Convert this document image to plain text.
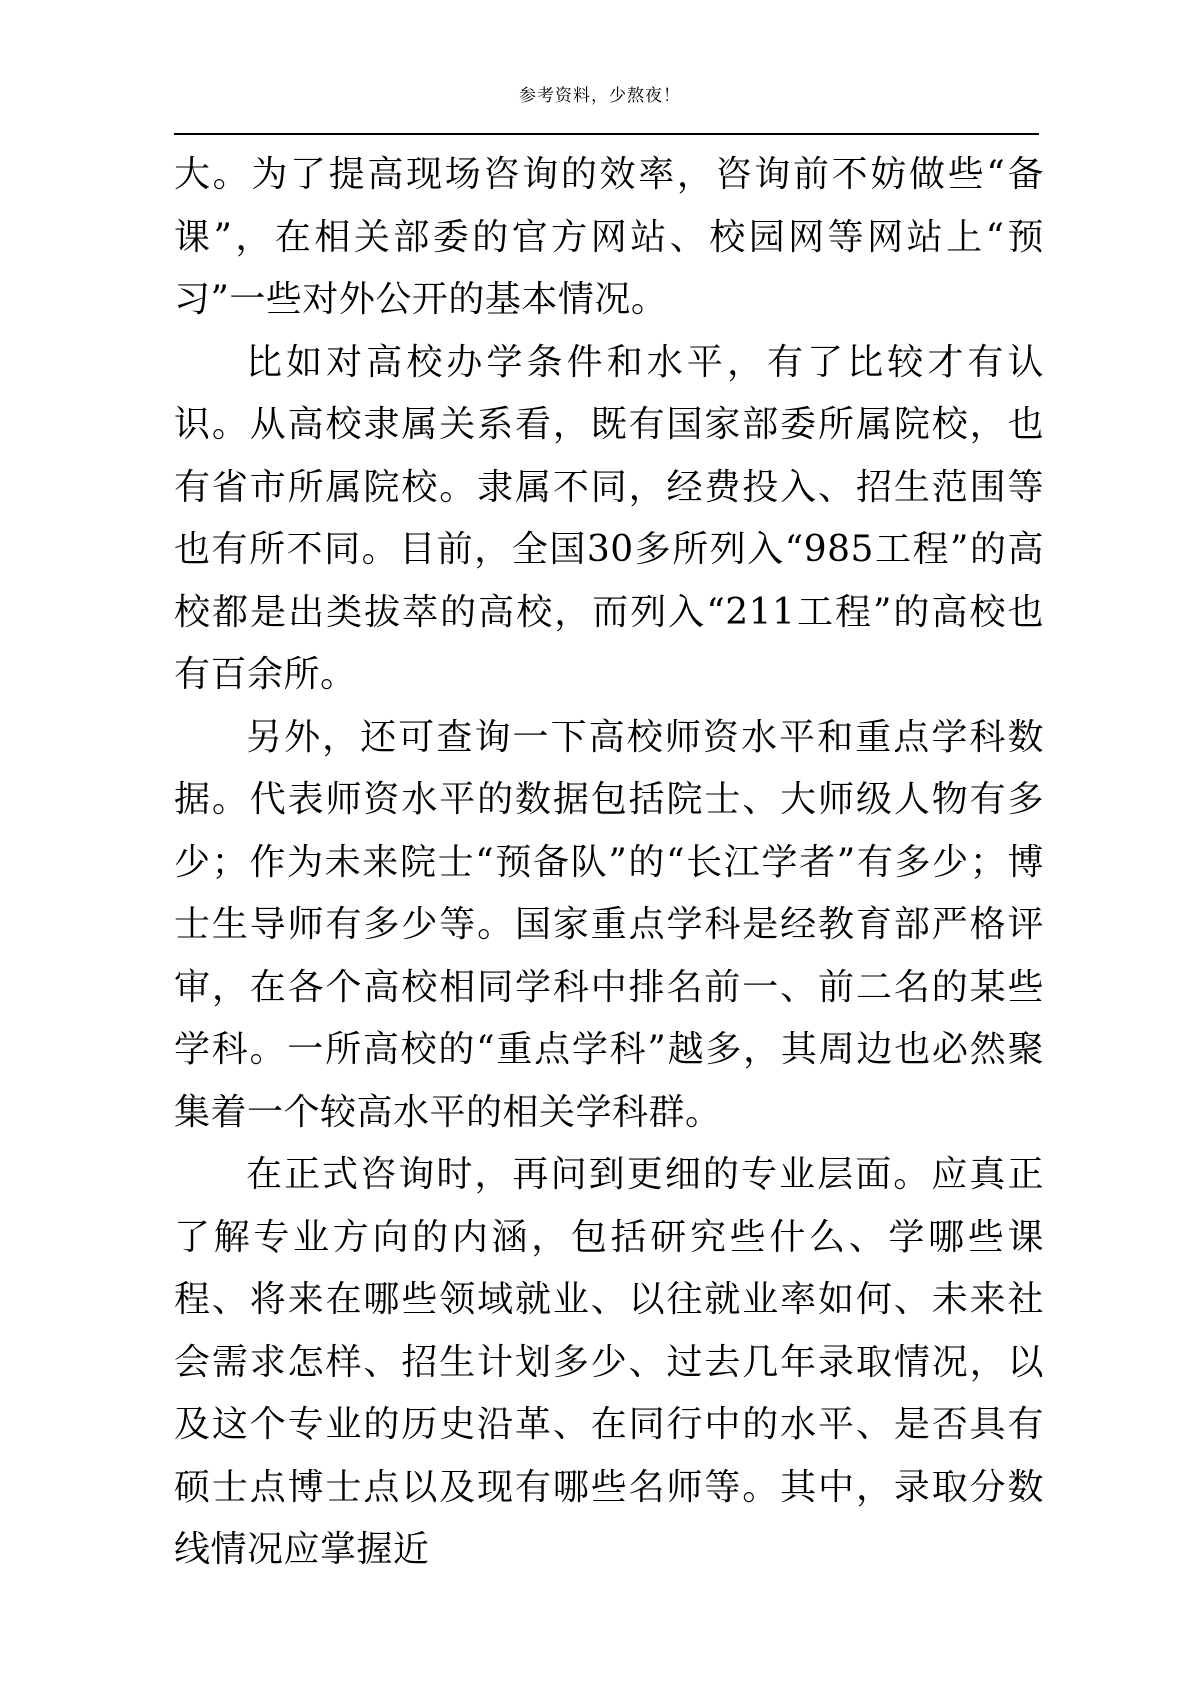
参考资料，少熬夜！

大。为了提高现场咨询的效率，咨询前不妨做些“备课”，在相关部委的官方网站、校园网等网站上“预习”一些对外公开的基本情况。

比如对高校办学条件和水平，有了比较才有认识。从高校隶属关系看，既有国家部委所属院校，也有省市所属院校。隶属不同，经费投入、招生范围等也有所不同。目前，全国30多所列入“985工程”的高校都是出类拔萃的高校，而列入“211工程”的高校也有百余所。

另外，还可查询一下高校师资水平和重点学科数据。代表师资水平的数据包括院士、大师级人物有多少；作为未来院士“预备队”的“长江学者”有多少；博士生导师有多少等。国家重点学科是经教育部严格评审，在各个高校相同学科中排名前一、前二名的某些学科。一所高校的“重点学科”越多，其周边也必然聚集着一个较高水平的相关学科群。

在正式咨询时，再问到更细的专业层面。应真正了解专业方向的内涵，包括研究些什么、学哪些课程、将来在哪些领域就业、以往就业率如何、未来社会需求怎样、招生计划多少、过去几年录取情况，以及这个专业的历史沿革、在同行中的水平、是否具有硕士点博士点以及现有哪些名师等。其中，录取分数线情况应掌握近
